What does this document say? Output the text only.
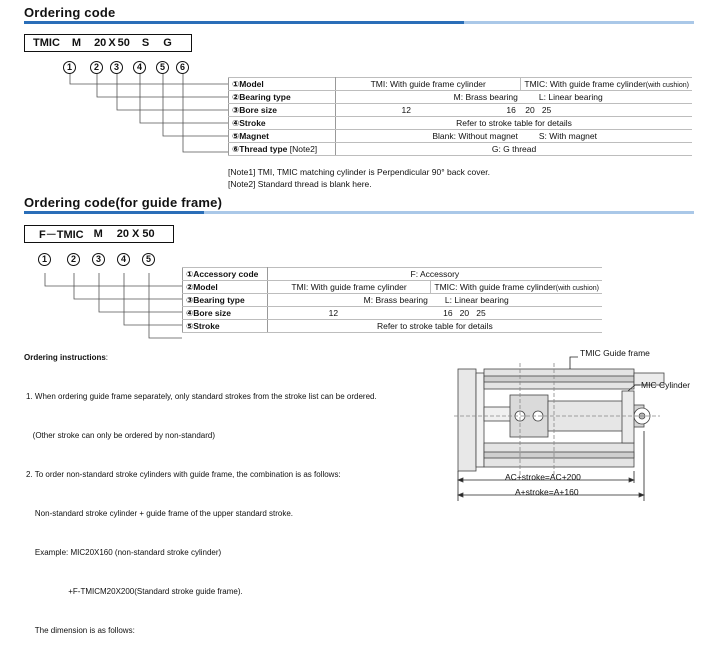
Ordering code
TMIC M 20 X 50 S G
1	2	3	4	5	6
①Model	TMI: With guide frame cylinder		TMIC: With guide frame cylinder(with cushion)
②Bearing type	M: Brass bearing		L: Linear bearing
③Bore size	12	16 20 25	
④Stroke	Refer to stroke table for details		
⑤Magnet	Blank: Without magnet		S: With magnet
⑥Thread type [Note2]	G: G thread		
[Note1] TMI, TMIC matching cylinder is Perpendicular 90° back cover.
[Note2] Standard thread is blank here.
Ordering code(for guide frame)
F－TMIC M 20 X 50
1	2	3	4	5
①Accessory code	F: Accessory		
②Model	TMI: With guide frame cylinder		TMIC: With guide frame cylinder(with cushion)
③Bearing type	M: Brass bearing		L: Linear bearing
④Bore size	12	16 20 25	
⑤Stroke	Refer to stroke table for details		
Ordering instructions:

1. When ordering guide frame separately, only standard strokes from the stroke list can be ordered.

(Other stroke can only be ordered by non-standard)

2. To order non-standard stroke cylinders with guide frame, the combination is as follows:

Non-standard stroke cylinder + guide frame of the upper standard stroke.

Example: MIC20X160 (non-standard stroke cylinder)

+F-TMICM20X200(Standard stroke guide frame).

The dimension is as follows:

TMIC Guide frame
MIC Cylinder
AC+stroke=AC+200
A+stroke=A+160
